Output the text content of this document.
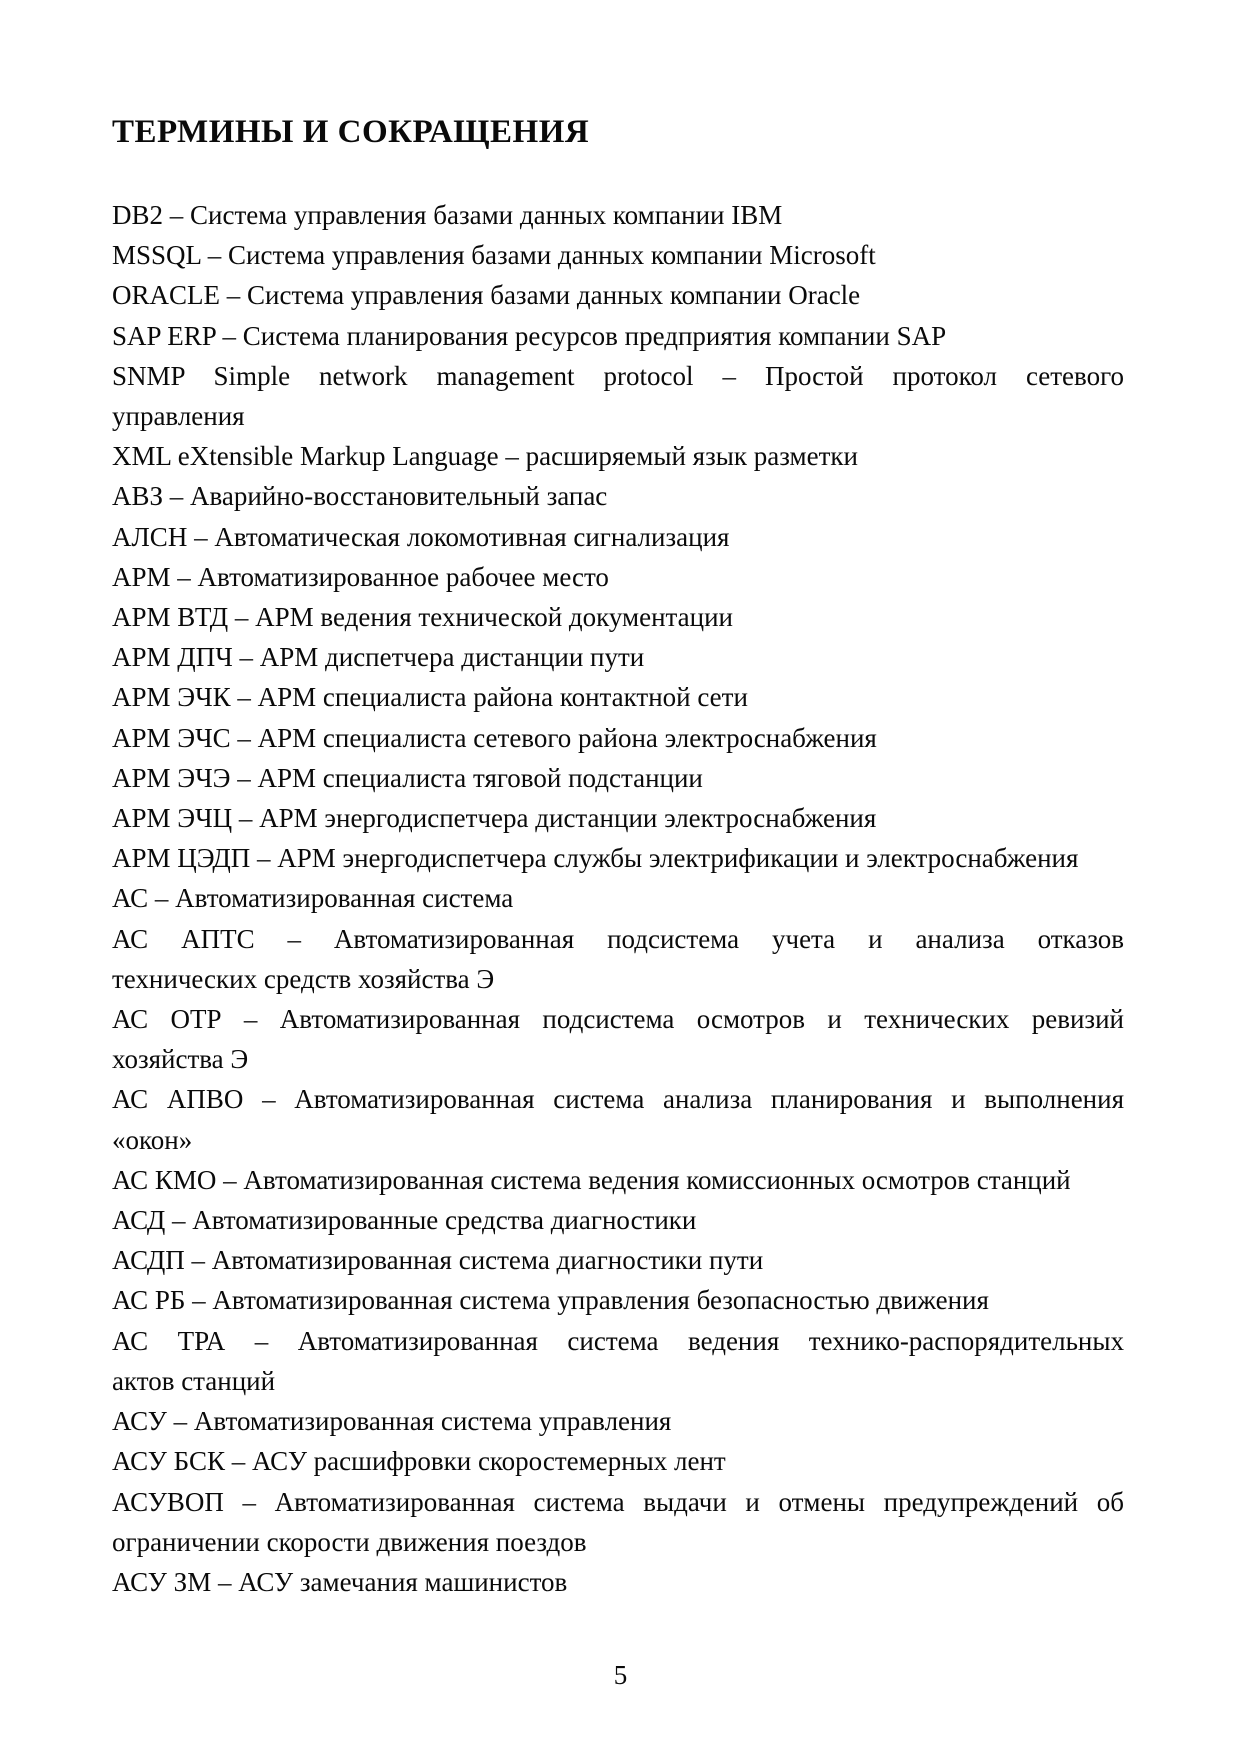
ТЕРМИНЫ И СОКРАЩЕНИЯ

DB2 – Система управления базами данных компании IBM

MSSQL – Система управления базами данных компании Microsoft

ORACLE – Система управления базами данных компании Oracle

SAP ERP – Система планирования ресурсов предприятия компании SAP

SNMP Simple network management protocol – Простой протокол сетевого
управления

XML eXtensible Markup Language – расширяемый язык разметки

АВЗ – Аварийно-восстановительный запас

АЛСН – Автоматическая локомотивная сигнализация

АРМ – Автоматизированное рабочее место

АРМ ВТД – АРМ ведения технической документации

АРМ ДПЧ – АРМ диспетчера дистанции пути

АРМ ЭЧК – АРМ специалиста района контактной сети

АРМ ЭЧС – АРМ специалиста сетевого района электроснабжения

АРМ ЭЧЭ – АРМ специалиста тяговой подстанции

АРМ ЭЧЦ – АРМ энергодиспетчера дистанции электроснабжения

АРМ ЦЭДП – АРМ энергодиспетчера службы электрификации и электроснабжения

АС – Автоматизированная система

АС АПТС – Автоматизированная подсистема учета и анализа отказов
технических средств хозяйства Э

АС ОТР – Автоматизированная подсистема осмотров и технических ревизий
хозяйства Э

АС АПВО – Автоматизированная система анализа планирования и выполнения
«окон»

АС КМО – Автоматизированная система ведения комиссионных осмотров станций

АСД – Автоматизированные средства диагностики

АСДП – Автоматизированная система диагностики пути

АС РБ – Автоматизированная система управления безопасностью движения

АС ТРА – Автоматизированная система ведения технико-распорядительных
актов станций

АСУ – Автоматизированная система управления

АСУ БСК – АСУ расшифровки скоростемерных лент

АСУВОП – Автоматизированная система выдачи и отмены предупреждений об
ограничении скорости движения поездов

АСУ ЗМ – АСУ замечания машинистов

5
